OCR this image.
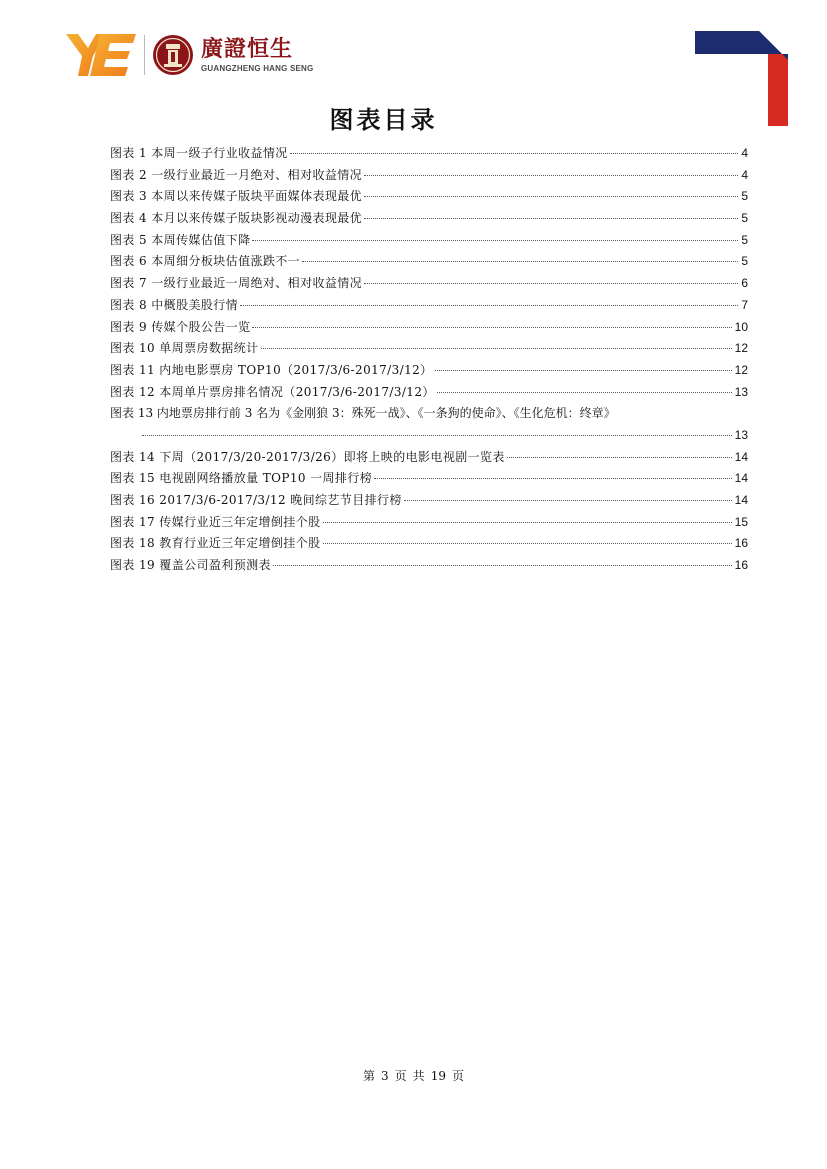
廣證恒生
GUANGZHENG HANG SENG
图表目录
图表 1 本周一级子行业收益情况	4
图表 2 一级行业最近一月绝对、相对收益情况	4
图表 3 本周以来传媒子版块平面媒体表现最优	5
图表 4 本月以来传媒子版块影视动漫表现最优	5
图表 5 本周传媒估值下降	5
图表 6 本周细分板块估值涨跌不一	5
图表 7 一级行业最近一周绝对、相对收益情况	6
图表 8 中概股美股行情	7
图表 9 传媒个股公告一览	10
图表 10 单周票房数据统计	12
图表 11 内地电影票房 TOP10（2017/3/6-2017/3/12）	12
图表 12 本周单片票房排名情况（2017/3/6-2017/3/12）	13
图表 13 内地票房排行前 3 名为《金刚狼 3：殊死一战》、《一条狗的使命》、《生化危机：终章》
13
图表 14 下周（2017/3/20-2017/3/26）即将上映的电影电视剧一览表	14
图表 15 电视剧网络播放量 TOP10 一周排行榜	14
图表 16 2017/3/6-2017/3/12 晚间综艺节目排行榜	14
图表 17 传媒行业近三年定增倒挂个股	15
图表 18 教育行业近三年定增倒挂个股	16
图表 19 覆盖公司盈利预测表	16
第 3 页 共 19 页
